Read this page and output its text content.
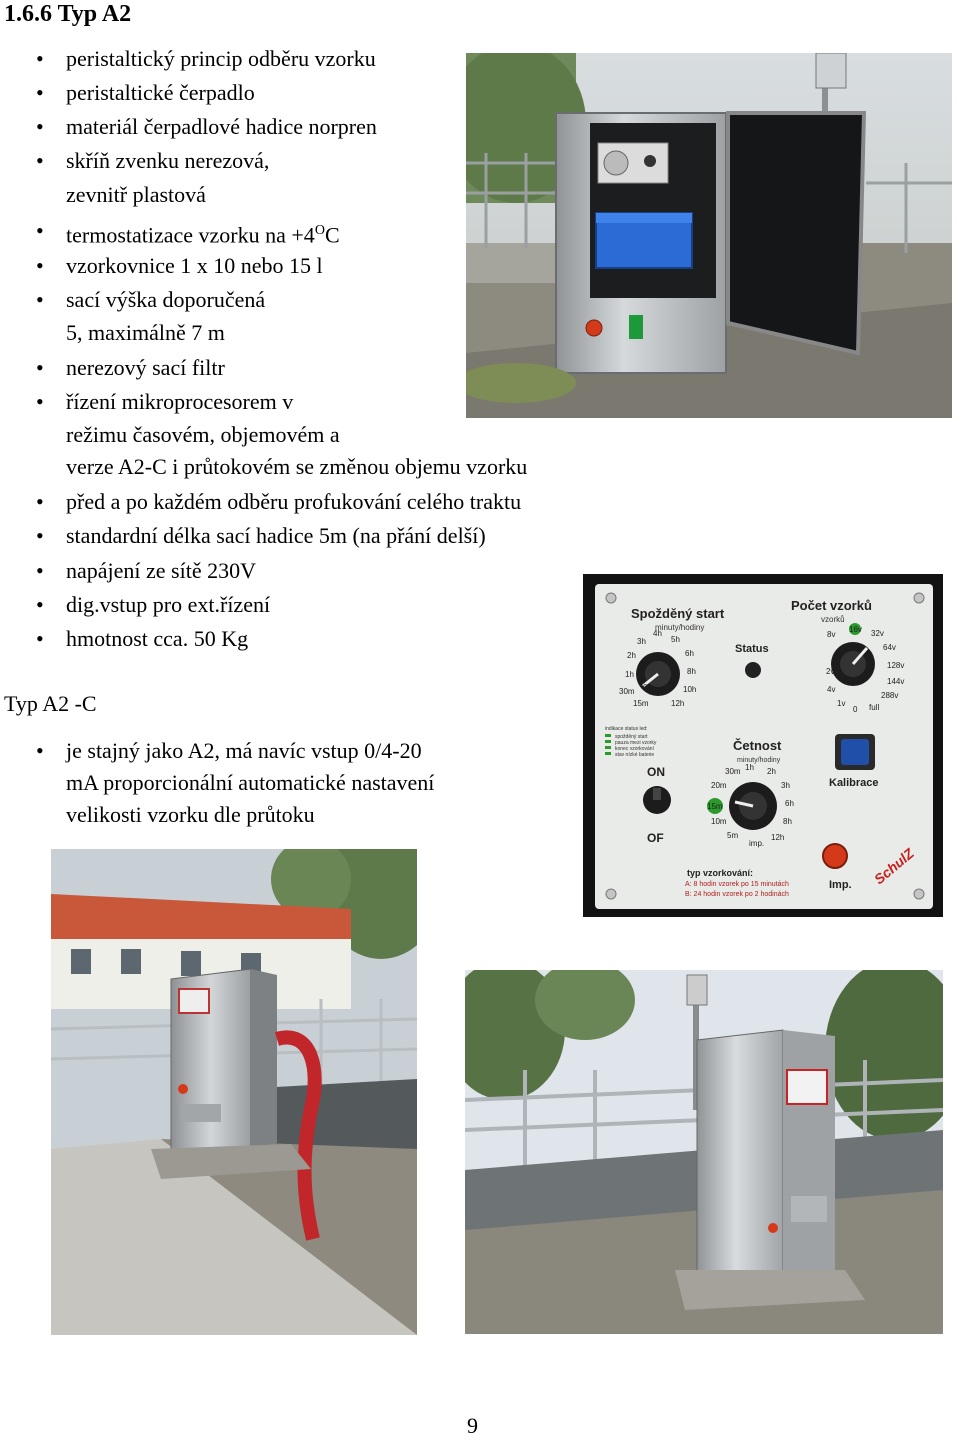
1.6.6 Typ A2
• peristaltický princip odběru vzorku
• peristaltické čerpadlo
• materiál čerpadlové hadice norpren
• skříň zvenku nerezová,
zevnitř plastová
• termostatizace vzorku na $+4^OC$
• vzorkovnice 1 x 10 nebo 15 l
• sací výška doporučená
5, maximálně 7 m
• nerezový sací filtr
• řízení mikroprocesorem v
režimu časovém, objemovém a
verze A2-C i průtokovém se změnou objemu vzorku
• před a po každém odběru profukování celého traktu
• standardní délka sací hadice 5m (na přání delší)
• napájení ze sítě 230V
• dig.vstup pro ext.řízení
• hmotnost cca. 50 Kg
Typ A2 -C
• je stajný jako A2, má navíc vstup 0/4-20
mA proporcionální automatické nastavení
velikosti vzorku dle průtoku
Spožděný start
minuty/hodiny
Počet vzorků
vzorků
0
1h
2h
3h
4h
5h
6h
8h
10h
12h
15m
30m
Status
2v
4v
8v
16v 32v
64v
128v
144v
288v
full
1v
0
indikace status led:
spožděný start
pauza mezi vzorky
konec vzorkování
stav nízké baterie
ON
OF
Četnost
minuty/hodiny
5m
10m
15m
20m
30m 1h 2h
3h
6h
8h
12h
imp.
Kalibrace
Imp.
typ vzorkování:
A: 8 hodin vzorek po 15 minutách
B: 24 hodin vzorek po 2 hodinách
SchulZ
9
